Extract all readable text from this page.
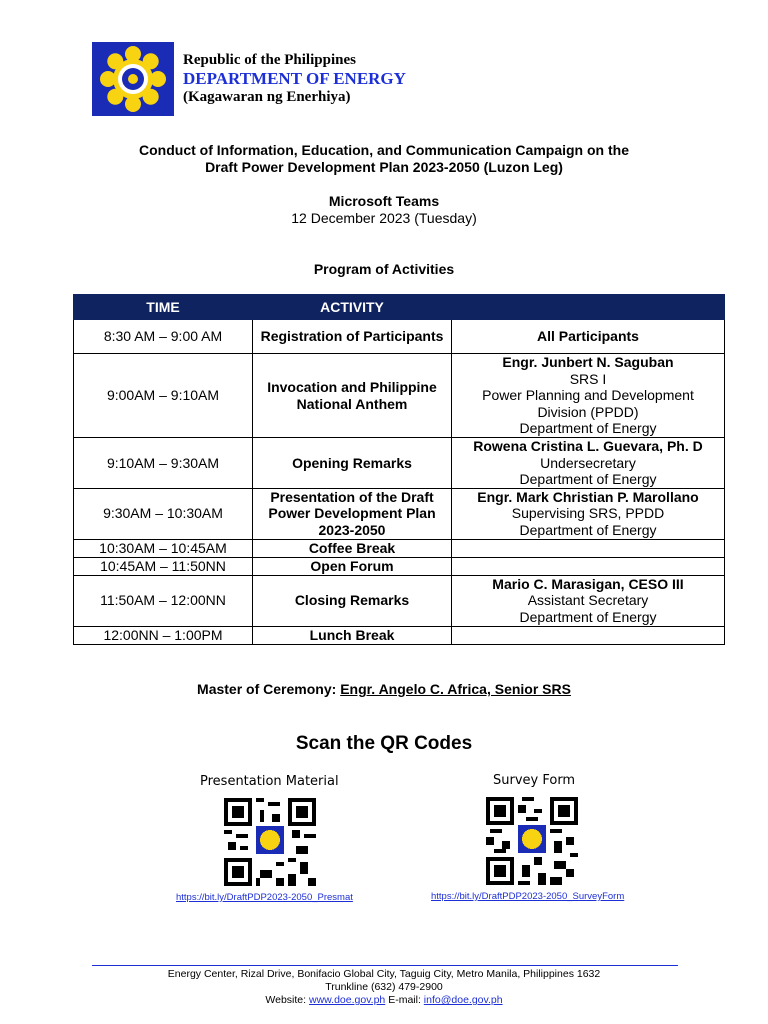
Republic of the Philippines
DEPARTMENT OF ENERGY
(Kagawaran ng Enerhiya)
Conduct of Information, Education, and Communication Campaign on the
Draft Power Development Plan 2023-2050 (Luzon Leg)
Microsoft Teams
12 December 2023 (Tuesday)
Program of Activities
TIME	ACTIVITY	
8:30 AM – 9:00 AM	Registration of Participants	All Participants

9:00AM – 9:10AM	Invocation and Philippine National Anthem	Engr. Junbert N. Saguban
SRS I
Power Planning and Development Division (PPDD)
Department of Energy

9:10AM – 9:30AM	Opening Remarks	Rowena Cristina L. Guevara, Ph. D
Undersecretary
Department of Energy

9:30AM – 10:30AM	Presentation of the Draft Power Development Plan 2023-2050	Engr. Mark Christian P. Marollano
Supervising SRS, PPDD
Department of Energy

10:30AM – 10:45AM	Coffee Break	
10:45AM – 11:50NN	Open Forum	
11:50AM – 12:00NN	Closing Remarks	Mario C. Marasigan, CESO III
Assistant Secretary
Department of Energy

12:00NN – 1:00PM	Lunch Break	
Master of Ceremony: Engr. Angelo C. Africa, Senior SRS
Scan the QR Codes
Presentation Material
https://bit.ly/DraftPDP2023-2050_Presmat
Survey Form
https://bit.ly/DraftPDP2023-2050_SurveyForm
Energy Center, Rizal Drive, Bonifacio Global City, Taguig City, Metro Manila, Philippines 1632
Trunkline (632) 479-2900
Website: www.doe.gov.ph E-mail: info@doe.gov.ph
